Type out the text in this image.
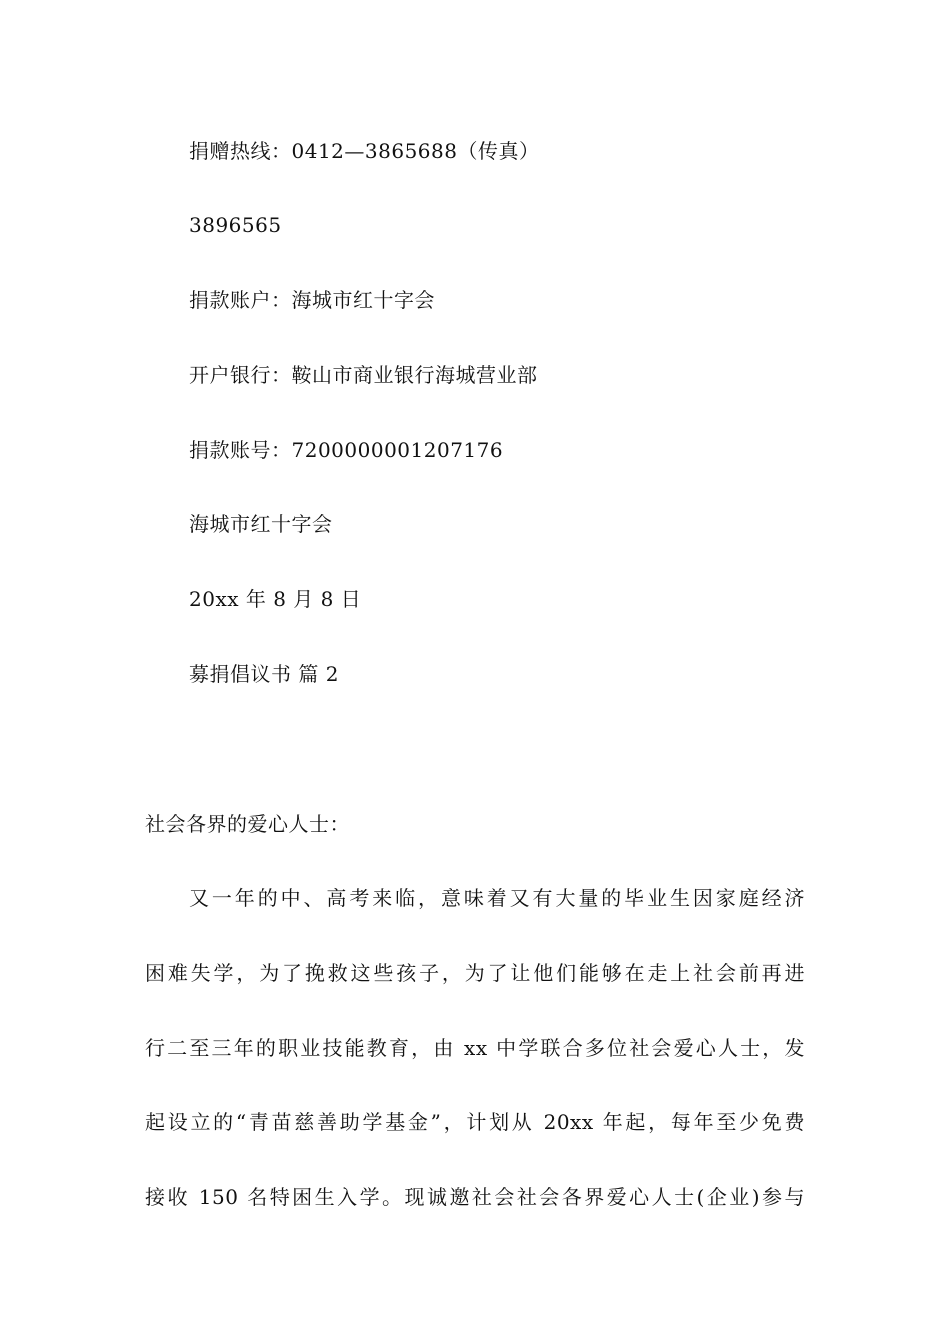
捐赠热线：0412—3865688（传真）
3896565
捐款账户：海城市红十字会
开户银行：鞍山市商业银行海城营业部
捐款账号：7200000001207176
海城市红十字会
20xx 年 8 月 8 日
募捐倡议书 篇 2
社会各界的爱心人士：
又一年的中、高考来临，意味着又有大量的毕业生因家庭经济
困难失学，为了挽救这些孩子，为了让他们能够在走上社会前再进
行二至三年的职业技能教育，由 xx 中学联合多位社会爱心人士，发
起设立的“青苗慈善助学基金”，计划从 20xx 年起，每年至少免费
接收 150 名特困生入学。现诚邀社会社会各界爱心人士(企业)参与
